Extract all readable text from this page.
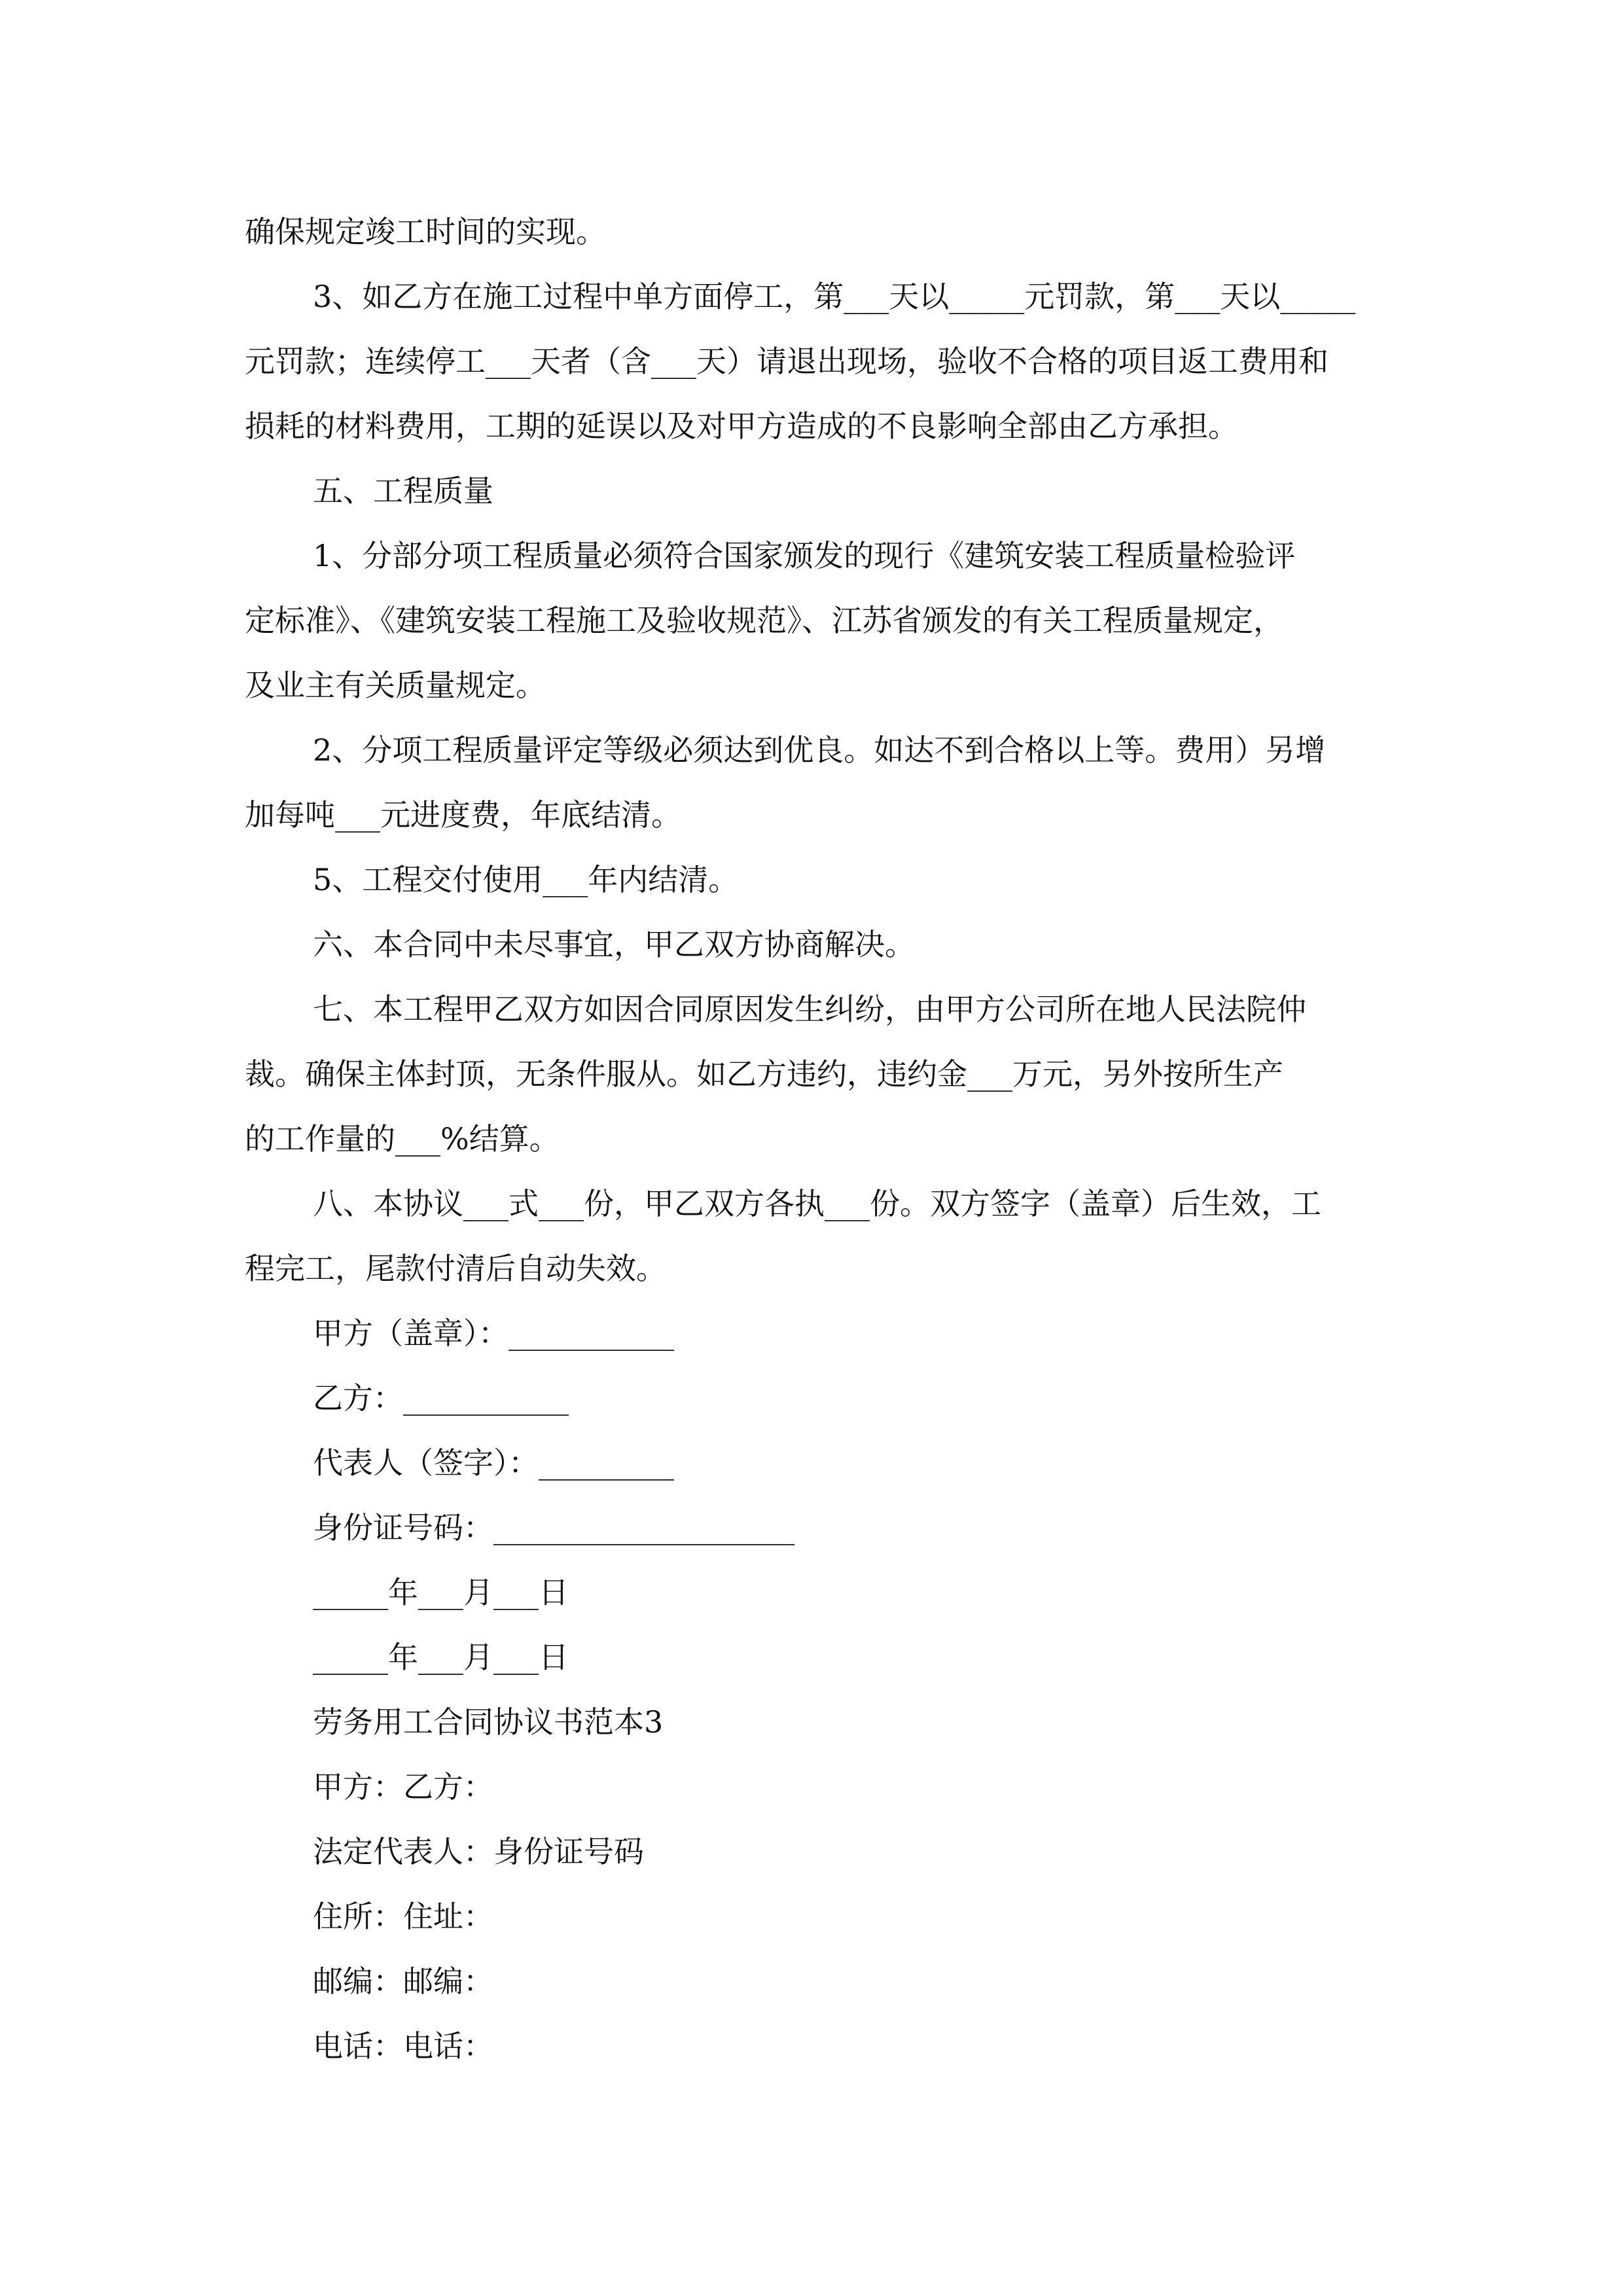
确保规定竣工时间的实现。
3、如乙方在施工过程中单方面停工，第___天以_____元罚款，第___天以_____
元罚款；连续停工___天者（含___天）请退出现场，验收不合格的项目返工费用和
损耗的材料费用，工期的延误以及对甲方造成的不良影响全部由乙方承担。
五、工程质量
1、分部分项工程质量必须符合国家颁发的现行《建筑安装工程质量检验评
定标准》、《建筑安装工程施工及验收规范》、江苏省颁发的有关工程质量规定，
及业主有关质量规定。
2、分项工程质量评定等级必须达到优良。如达不到合格以上等。费用）另增
加每吨___元进度费，年底结清。
5、工程交付使用___年内结清。
六、本合同中未尽事宜，甲乙双方协商解决。
七、本工程甲乙双方如因合同原因发生纠纷，由甲方公司所在地人民法院仲
裁。确保主体封顶，无条件服从。如乙方违约，违约金___万元，另外按所生产
的工作量的___%结算。
八、本协议___式___份，甲乙双方各执___份。双方签字（盖章）后生效，工
程完工，尾款付清后自动失效。
甲方（盖章）：___________
乙方：___________
代表人（签字）：_________
身份证号码：____________________
_____年___月___日
_____年___月___日
劳务用工合同协议书范本3
甲方：乙方：
法定代表人：身份证号码
住所：住址：
邮编：邮编：
电话：电话：
